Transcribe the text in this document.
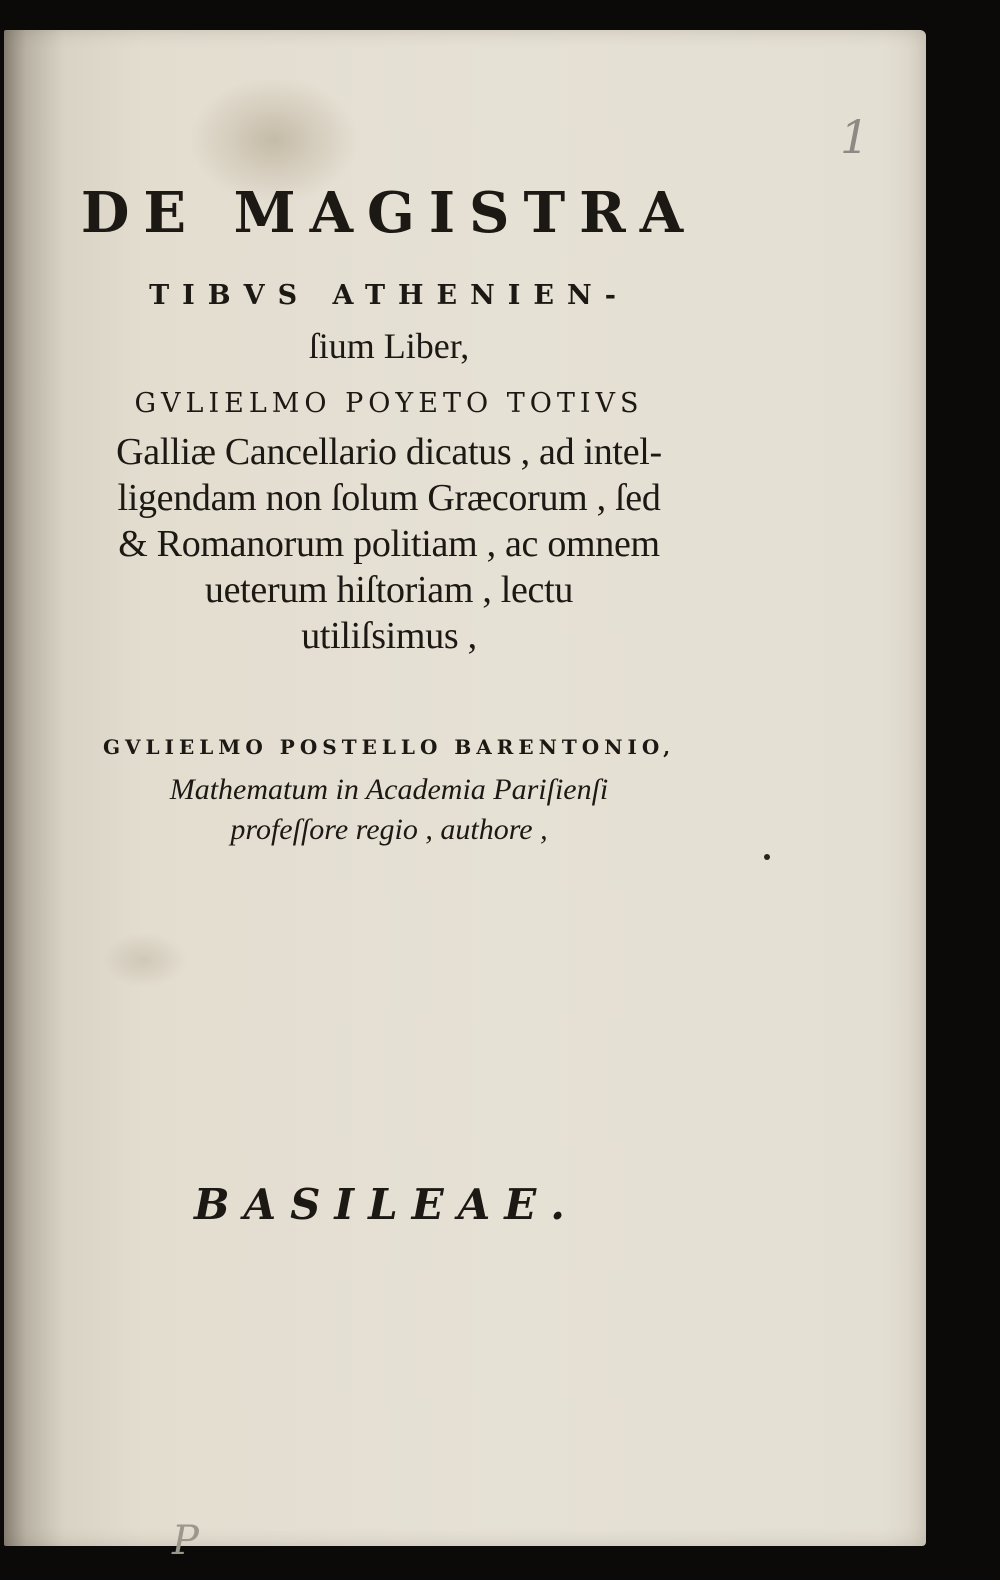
DE MAGISTRA
TIBVS ATHENIEN-
ſium Liber,
GVLIELMO POYETO TOTIVS
Galliæ Cancellario dicatus , ad intel-
ligendam non ſolum Græcorum , ſed
& Romanorum politiam , ac omnem
ueterum hiſtoriam , lectu
utiliſsimus ,
GVLIELMO POSTELLO BARENTONIO,
Mathematum in Academia Pariſienſi
profeſſore regio , authore ,
BASILEAE.
1
P
